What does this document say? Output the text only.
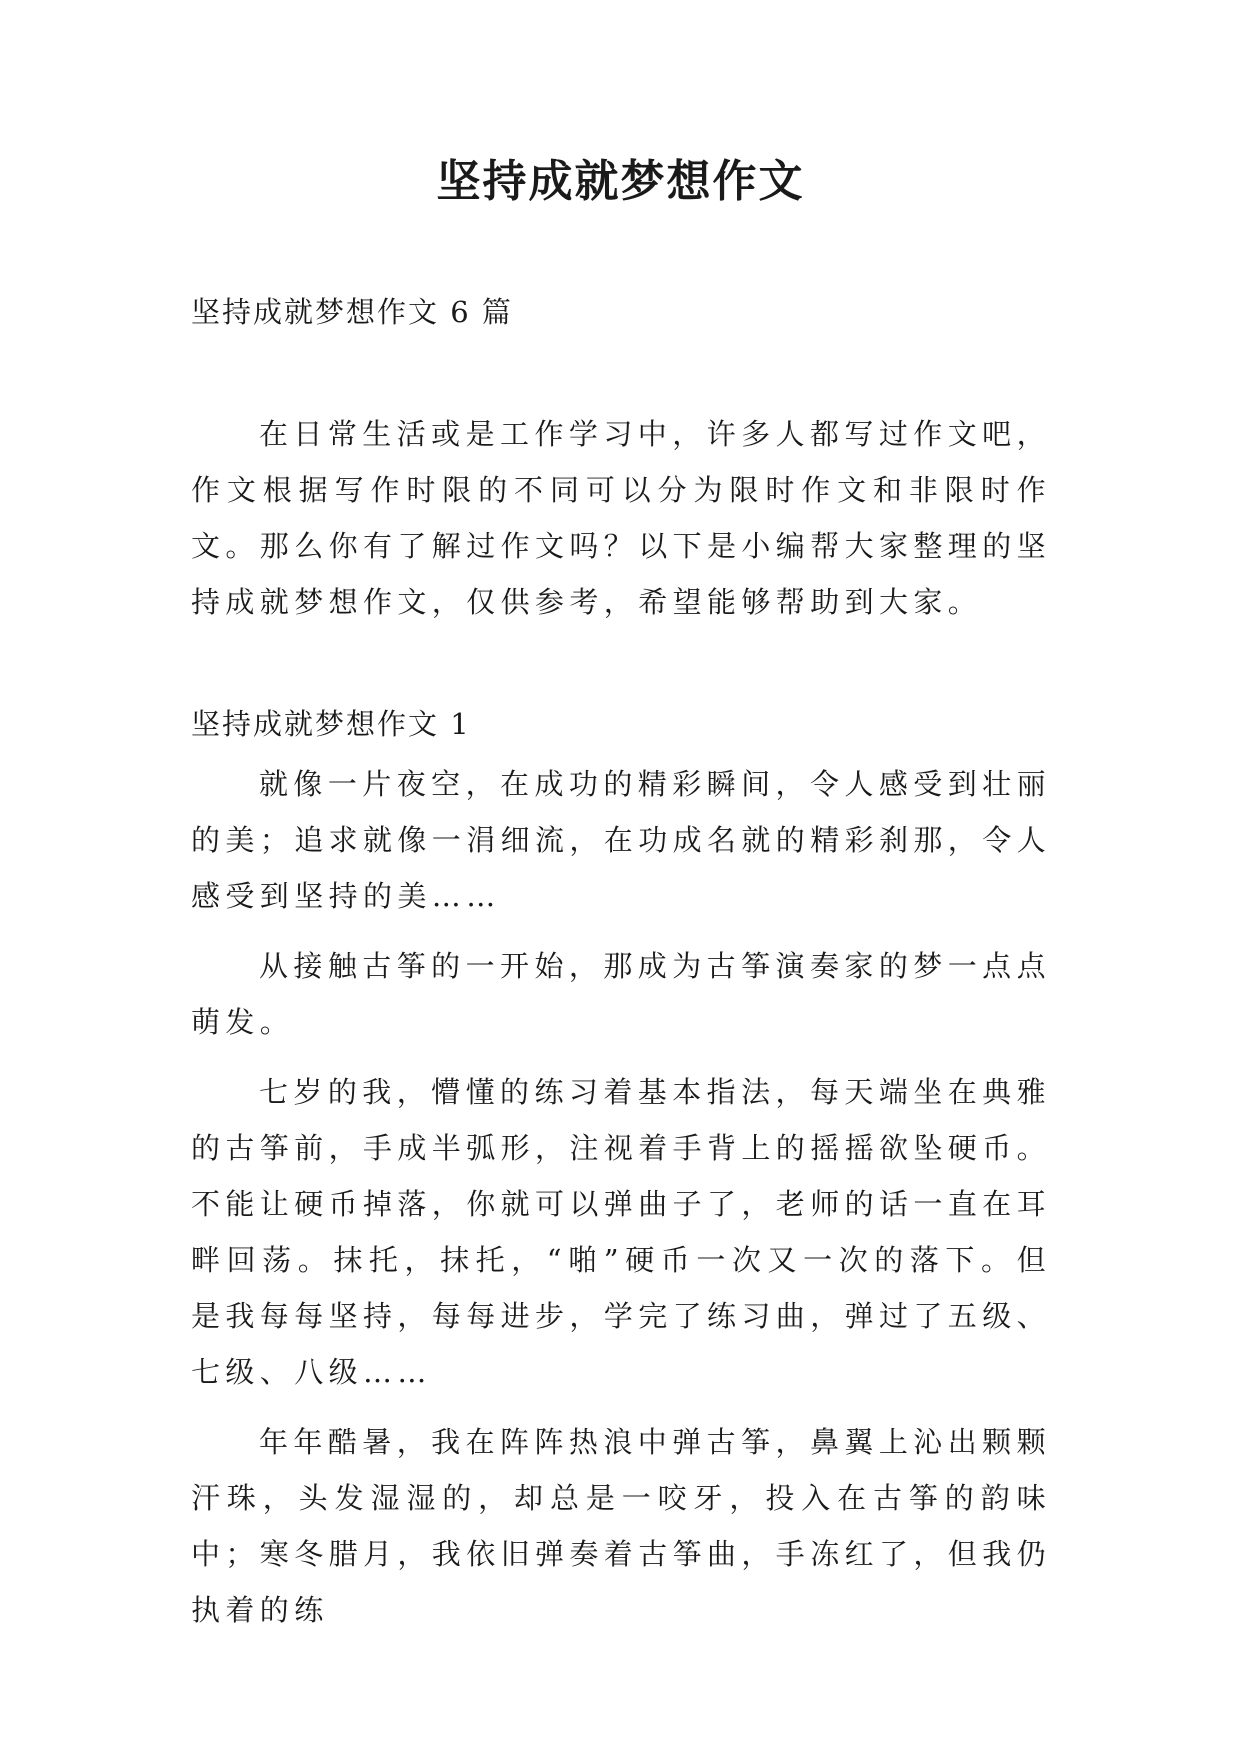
坚持成就梦想作文

坚持成就梦想作文 6 篇

在日常生活或是工作学习中，许多人都写过作文吧，作文根据写作时限的不同可以分为限时作文和非限时作文。那么你有了解过作文吗？以下是小编帮大家整理的坚持成就梦想作文，仅供参考，希望能够帮助到大家。

坚持成就梦想作文 1

就像一片夜空，在成功的精彩瞬间，令人感受到壮丽的美；追求就像一涓细流，在功成名就的精彩刹那，令人感受到坚持的美……

从接触古筝的一开始，那成为古筝演奏家的梦一点点萌发。

七岁的我，懵懂的练习着基本指法，每天端坐在典雅的古筝前，手成半弧形，注视着手背上的摇摇欲坠硬币。不能让硬币掉落，你就可以弹曲子了，老师的话一直在耳畔回荡。抹托，抹托，“啪”硬币一次又一次的落下。但是我每每坚持，每每进步，学完了练习曲，弹过了五级、七级、八级……

年年酷暑，我在阵阵热浪中弹古筝，鼻翼上沁出颗颗汗珠，头发湿湿的，却总是一咬牙，投入在古筝的韵味中；寒冬腊月，我依旧弹奏着古筝曲，手冻红了，但我仍执着的练
